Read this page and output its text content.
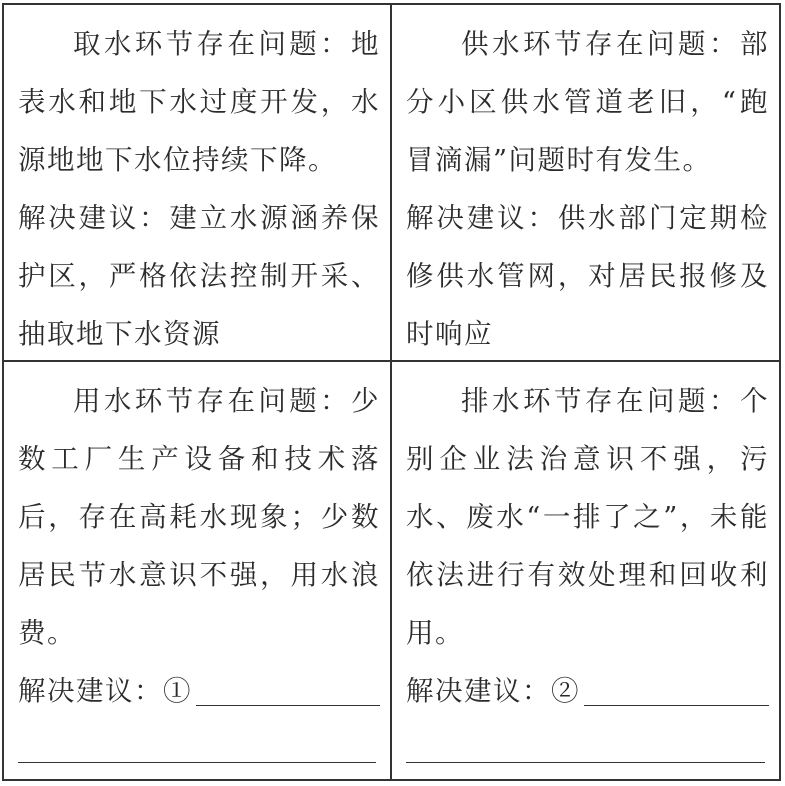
取水环节存在问题：地表水和地下水过度开发，水源地地下水位持续下降。

解决建议：建立水源涵养保护区，严格依法控制开采、抽取地下水资源

供水环节存在问题：部分小区供水管道老旧，“跑冒滴漏”问题时有发生。

解决建议：供水部门定期检修供水管网，对居民报修及时响应

用水环节存在问题：少数工厂生产设备和技术落后，存在高耗水现象；少数居民节水意识不强，用水浪费。

解决建议：①

排水环节存在问题：个别企业法治意识不强，污水、废水“一排了之”，未能依法进行有效处理和回收利用。

解决建议：②
